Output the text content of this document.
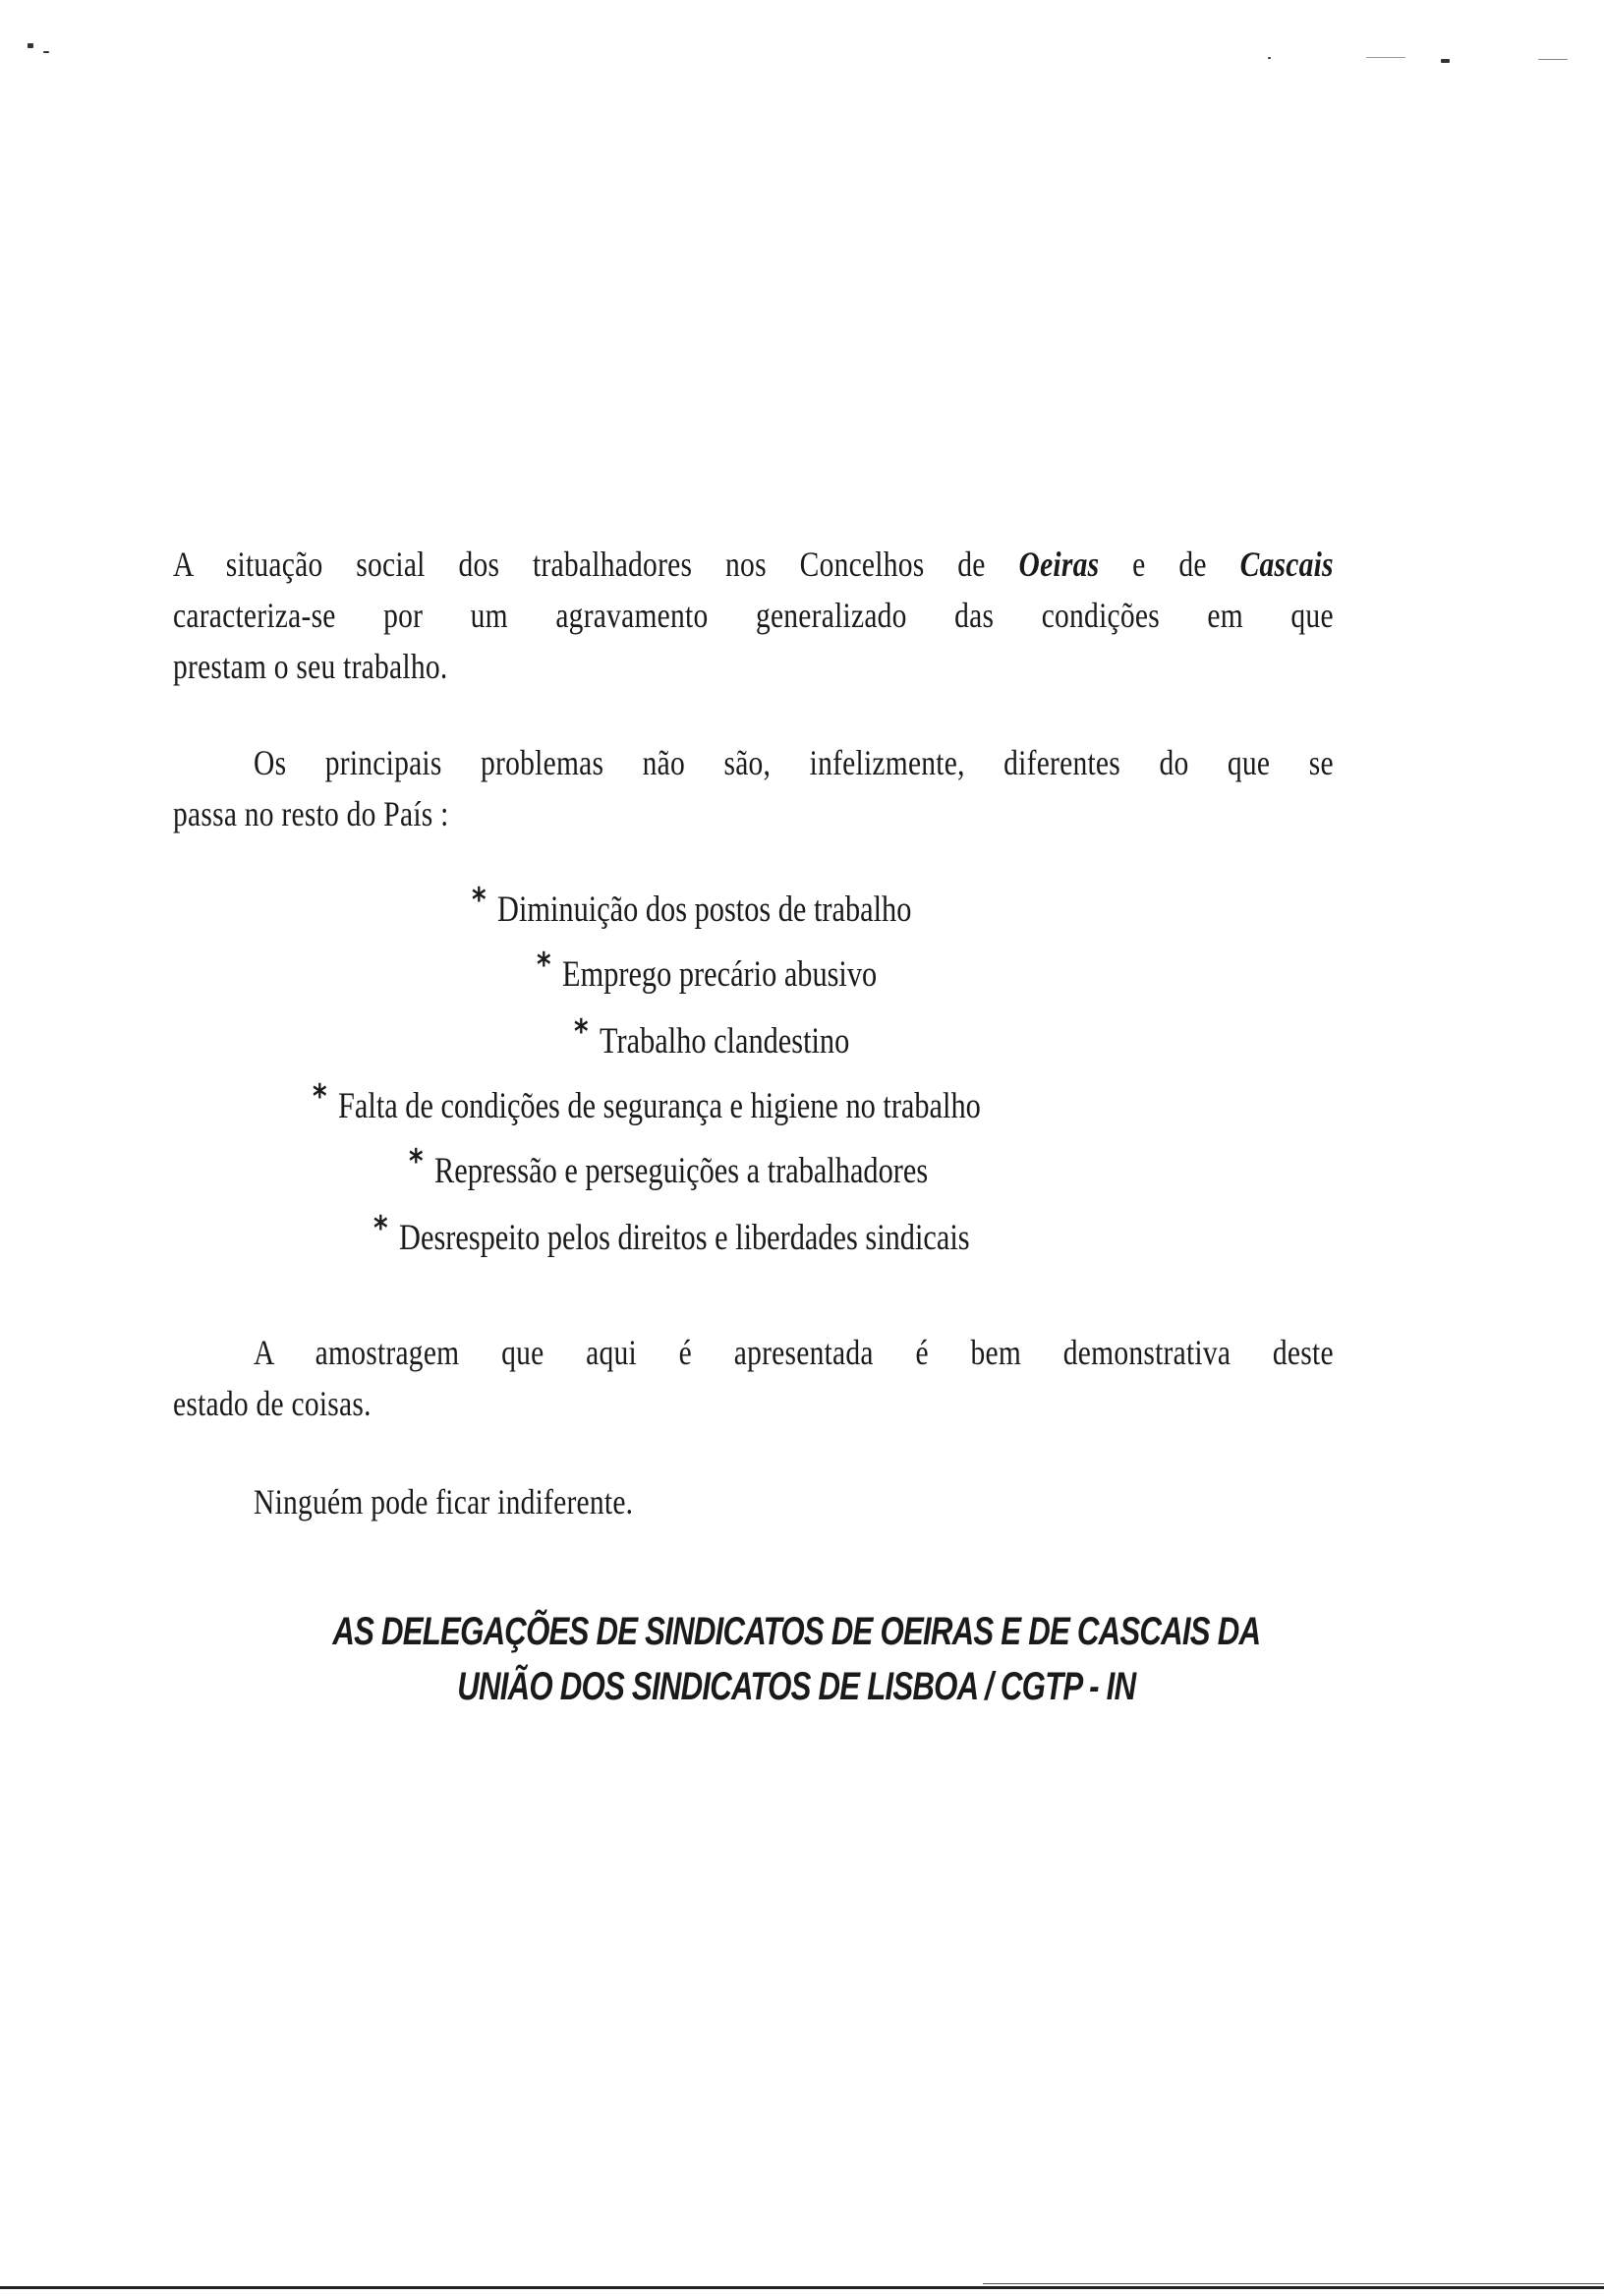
A situação social dos trabalhadores nos Concelhos de Oeiras e de Cascais
caracteriza-se por um agravamento generalizado das condições em que
prestam o seu trabalho.
Os principais problemas não são, infelizmente, diferentes do que se
passa no resto do País :
* Diminuição dos postos de trabalho
* Emprego precário abusivo
* Trabalho clandestino
* Falta de condições de segurança e higiene no trabalho
* Repressão e perseguições a trabalhadores
* Desrespeito pelos direitos e liberdades sindicais
A amostragem que aqui é apresentada é bem demonstrativa deste
estado de coisas.
Ninguém pode ficar indiferente.
AS DELEGAÇÕES DE SINDICATOS DE OEIRAS E DE CASCAIS DA
UNIÃO DOS SINDICATOS DE LISBOA / CGTP - IN
